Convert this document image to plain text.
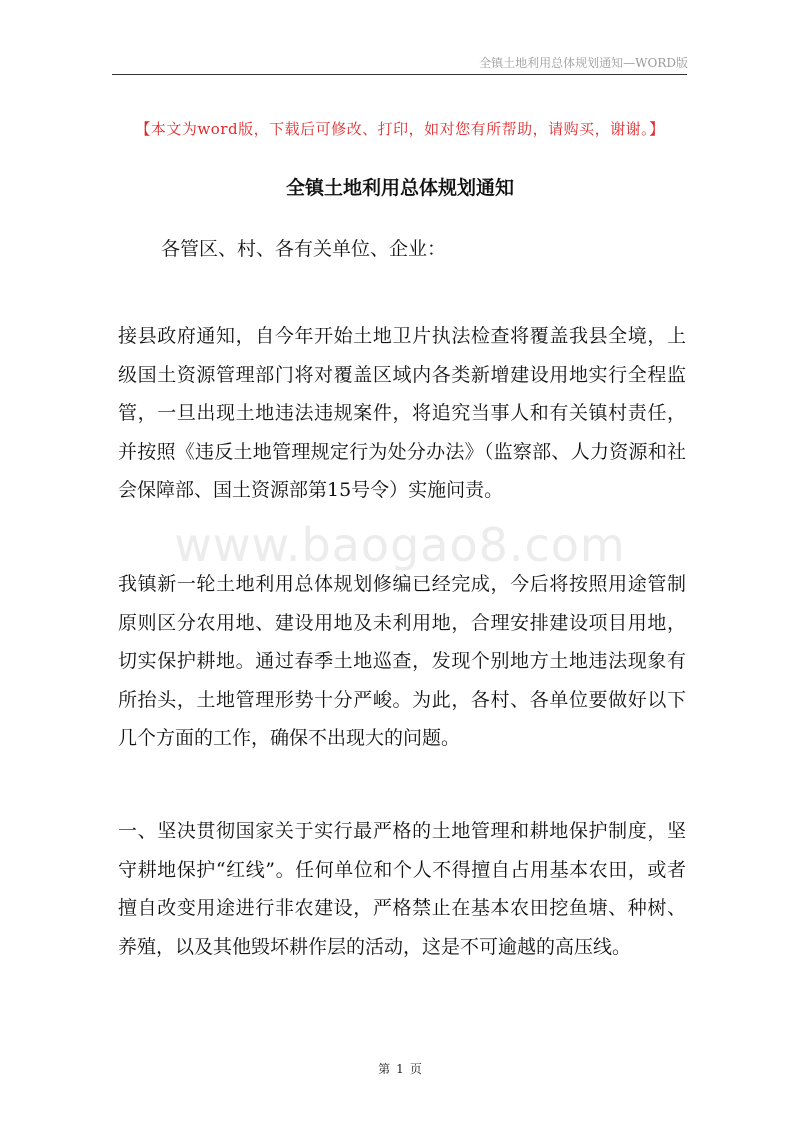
全镇土地利用总体规划通知—WORD版
【本文为word版，下载后可修改、打印，如对您有所帮助，请购买，谢谢。】
全镇土地利用总体规划通知
各管区、村、各有关单位、企业：
www.baogao8.com

接县政府通知，自今年开始土地卫片执法检查将覆盖我县全境，上级国土资源管理部门将对覆盖区域内各类新增建设用地实行全程监管，一旦出现土地违法违规案件，将追究当事人和有关镇村责任，并按照《违反土地管理规定行为处分办法》（监察部、人力资源和社会保障部、国土资源部第15号令）实施问责。

我镇新一轮土地利用总体规划修编已经完成，今后将按照用途管制原则区分农用地、建设用地及未利用地，合理安排建设项目用地，切实保护耕地。通过春季土地巡查，发现个别地方土地违法现象有所抬头，土地管理形势十分严峻。为此，各村、各单位要做好以下几个方面的工作，确保不出现大的问题。

一、坚决贯彻国家关于实行最严格的土地管理和耕地保护制度，坚守耕地保护“红线”。任何单位和个人不得擅自占用基本农田，或者擅自改变用途进行非农建设，严格禁止在基本农田挖鱼塘、种树、养殖，以及其他毁坏耕作层的活动，这是不可逾越的高压线。

第 1 页
